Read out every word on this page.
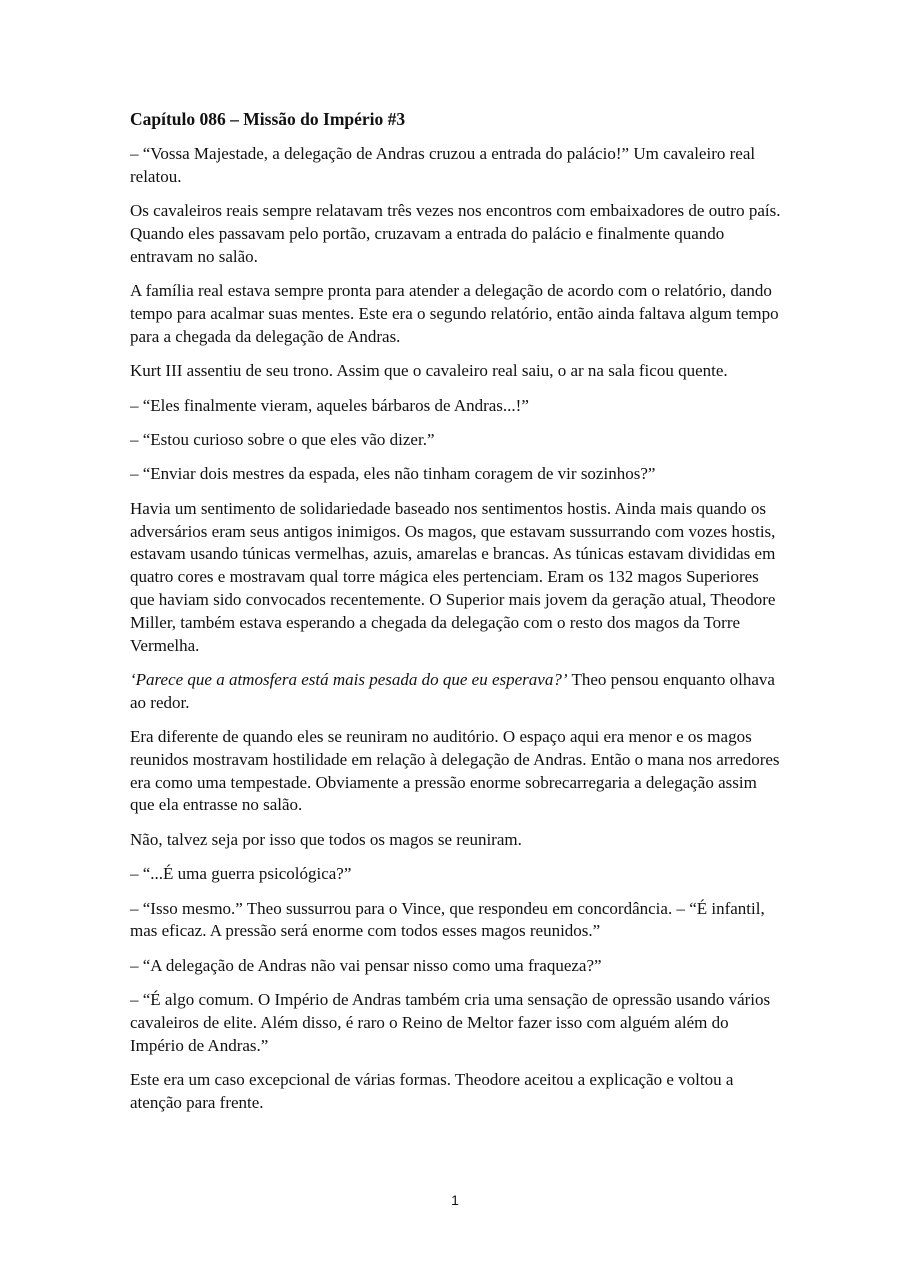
Capítulo 086 – Missão do Império #3

– “Vossa Majestade, a delegação de Andras cruzou a entrada do palácio!” Um cavaleiro real relatou.

Os cavaleiros reais sempre relatavam três vezes nos encontros com embaixadores de outro país. Quando eles passavam pelo portão, cruzavam a entrada do palácio e finalmente quando entravam no salão.

A família real estava sempre pronta para atender a delegação de acordo com o relatório, dando tempo para acalmar suas mentes. Este era o segundo relatório, então ainda faltava algum tempo para a chegada da delegação de Andras.

Kurt III assentiu de seu trono. Assim que o cavaleiro real saiu, o ar na sala ficou quente.

– “Eles finalmente vieram, aqueles bárbaros de Andras...!”

– “Estou curioso sobre o que eles vão dizer.”

– “Enviar dois mestres da espada, eles não tinham coragem de vir sozinhos?”

Havia um sentimento de solidariedade baseado nos sentimentos hostis. Ainda mais quando os adversários eram seus antigos inimigos. Os magos, que estavam sussurrando com vozes hostis, estavam usando túnicas vermelhas, azuis, amarelas e brancas. As túnicas estavam divididas em quatro cores e mostravam qual torre mágica eles pertenciam. Eram os 132 magos Superiores que haviam sido convocados recentemente. O Superior mais jovem da geração atual, Theodore Miller, também estava esperando a chegada da delegação com o resto dos magos da Torre Vermelha.

‘Parece que a atmosfera está mais pesada do que eu esperava?’ Theo pensou enquanto olhava ao redor.

Era diferente de quando eles se reuniram no auditório. O espaço aqui era menor e os magos reunidos mostravam hostilidade em relação à delegação de Andras. Então o mana nos arredores era como uma tempestade. Obviamente a pressão enorme sobrecarregaria a delegação assim que ela entrasse no salão.

Não, talvez seja por isso que todos os magos se reuniram.

– “...É uma guerra psicológica?”

– “Isso mesmo.” Theo sussurrou para o Vince, que respondeu em concordância. – “É infantil, mas eficaz. A pressão será enorme com todos esses magos reunidos.”

– “A delegação de Andras não vai pensar nisso como uma fraqueza?”

– “É algo comum. O Império de Andras também cria uma sensação de opressão usando vários cavaleiros de elite. Além disso, é raro o Reino de Meltor fazer isso com alguém além do Império de Andras.”

Este era um caso excepcional de várias formas. Theodore aceitou a explicação e voltou a atenção para frente.

1
